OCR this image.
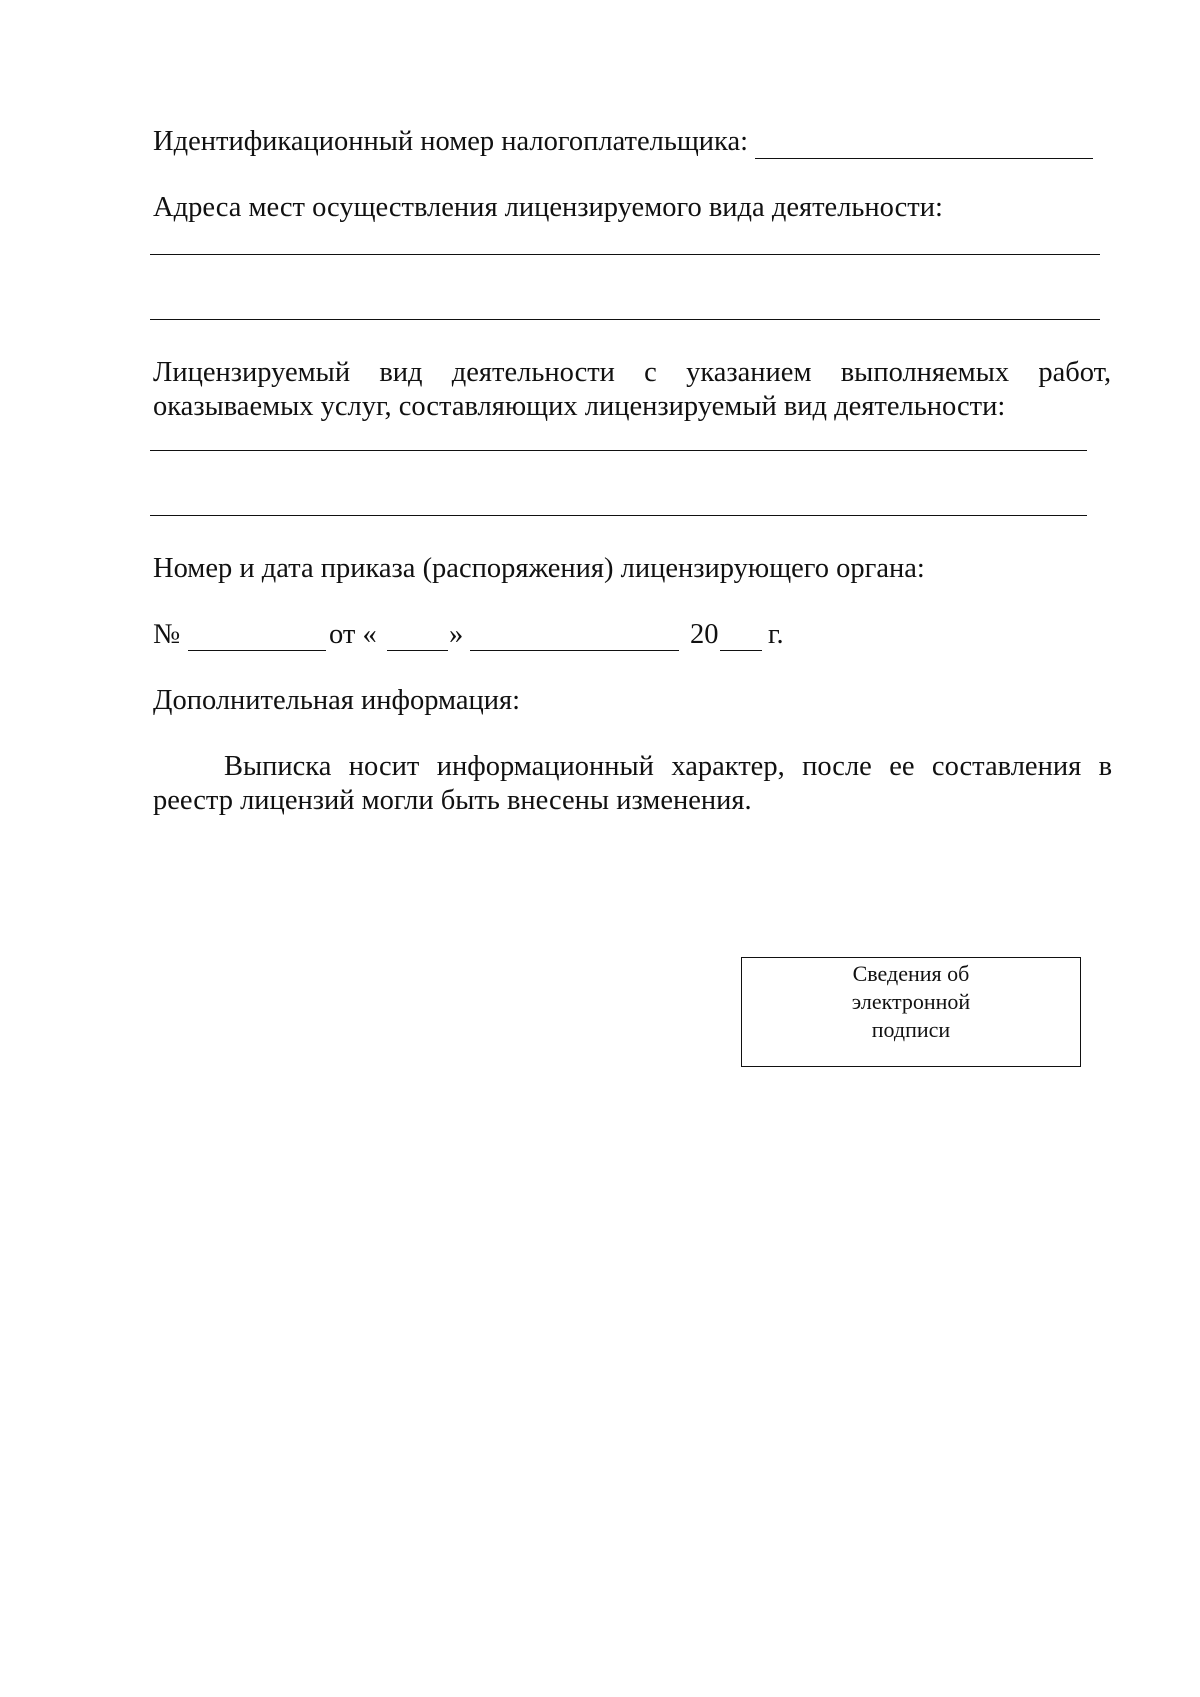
Идентификационный номер налогоплательщика:
Адреса мест осуществления лицензируемого вида деятельности:
Лицензируемый вид деятельности с указанием выполняемых работ,
оказываемых услуг, составляющих лицензируемый вид деятельности:
Номер и дата приказа (распоряжения) лицензирующего органа:
№	от «	»	20 г.
Дополнительная информация:
Выписка носит информационный характер, после ее составления в
реестр лицензий могли быть внесены изменения.
Сведения об
электронной
подписи
